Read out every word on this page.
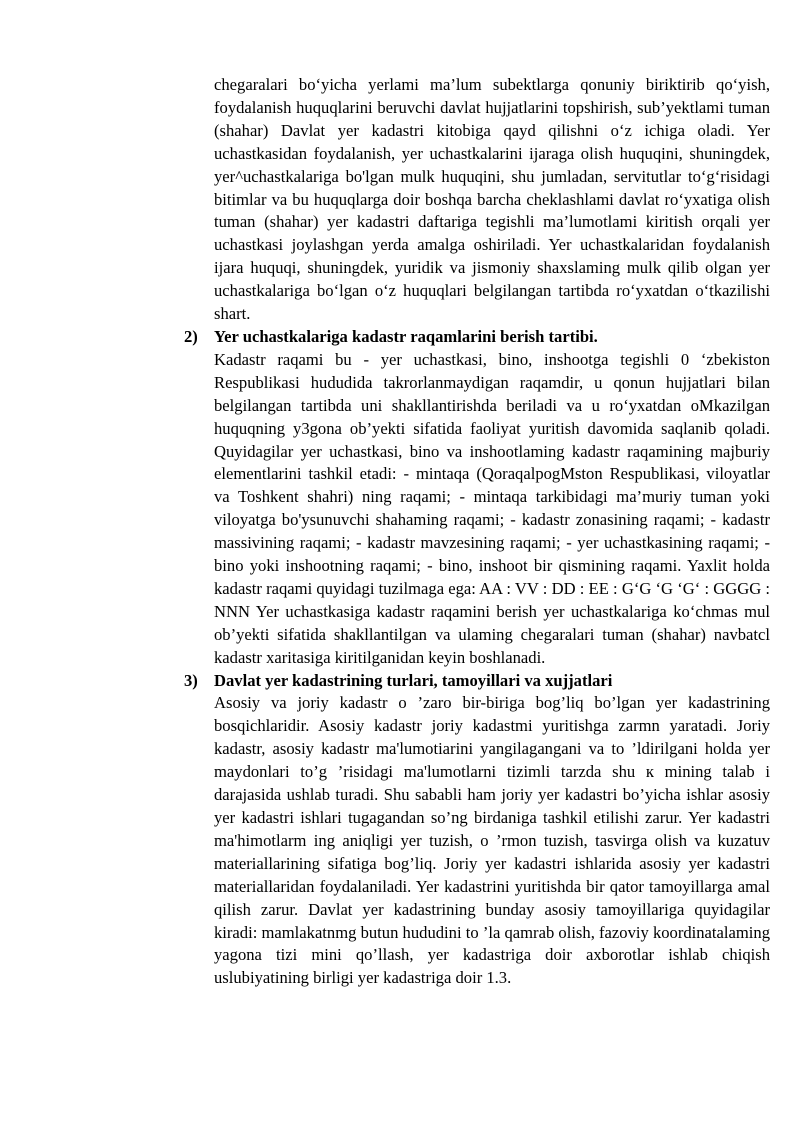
chegaralari bo‘yicha yerlami ma’lum subektlarga qonuniy biriktirib qo‘yish, foydalanish huquqlarini beruvchi davlat hujjatlarini topshirish, sub’yektlami tuman (shahar) Davlat yer kadastri kitobiga qayd qilishni o‘z ichiga oladi. Yer uchastkasidan foydalanish, yer uchastkalarini ijaraga olish huquqini, shuningdek, yer^uchastkalariga bo'lgan mulk huquqini, shu jumladan, servitutlar to‘g‘risidagi bitimlar va bu huquqlarga doir boshqa barcha cheklashlami davlat ro‘yxatiga olish tuman (shahar) yer kadastri daftariga tegishli ma’lumotlami kiritish orqali yer uchastkasi joylashgan yerda amalga oshiriladi. Yer uchastkalaridan foydalanish ijara huquqi, shuningdek, yuridik va jismoniy shaxslaming mulk qilib olgan yer uchastkalariga bo‘lgan o‘z huquqlari belgilangan tartibda ro‘yxatdan o‘tkazilishi shart.

2) Yer uchastkalariga kadastr raqamlarini berish tartibi.

Kadastr raqami bu - yer uchastkasi, bino, inshootga tegishli 0 ‘zbekiston Respublikasi hududida takrorlanmaydigan raqamdir, u qonun hujjatlari bilan belgilangan tartibda uni shakllantirishda beriladi va u ro‘yxatdan oMkazilgan huquqning y3gona ob’yekti sifatida faoliyat yuritish davomida saqlanib qoladi. Quyidagilar yer uchastkasi, bino va inshootlaming kadastr raqamining majburiy elementlarini tashkil etadi: - mintaqa (QoraqalpogMston Respublikasi, viloyatlar va Toshkent shahri) ning raqami; - mintaqa tarkibidagi ma’muriy tuman yoki viloyatga bo'ysunuvchi shahaming raqami; - kadastr zonasining raqami; - kadastr massivining raqami; - kadastr mavzesining raqami; - yer uchastkasining raqami; - bino yoki inshootning raqami; - bino, inshoot bir qismining raqami. Yaxlit holda kadastr raqami quyidagi tuzilmaga ega: AA : VV : DD : EE : G‘G ‘G ‘G‘ : GGGG : NNN Yer uchastkasiga kadastr raqamini berish yer uchastkalariga ko‘chmas mul ob’yekti sifatida shakllantilgan va ulaming chegaralari tuman (shahar) navbatcl kadastr xaritasiga kiritilganidan keyin boshlanadi.

3) Davlat yer kadastrining turlari, tamoyillari va xujjatlari

Asosiy va joriy kadastr o ’zaro bir-biriga bog’liq bo’lgan yer kadastrining bosqichlaridir. Asosiy kadastr joriy kadastmi yuritishga zarmn yaratadi. Joriy kadastr, asosiy kadastr ma'lumotiarini yangilagangani va to ’ldirilgani holda yer maydonlari to’g ’risidagi ma'lumotlarni tizimli tarzda shu к mining talab i darajasida ushlab turadi. Shu sababli ham joriy yer kadastri bo’yicha ishlar asosiy yer kadastri ishlari tugagandan so’ng birdaniga tashkil etilishi zarur. Yer kadastri ma'himotlarm ing aniqligi yer tuzish, o ’rmon tuzish, tasvirga olish va kuzatuv materiallarining sifatiga bog’liq. Joriy yer kadastri ishlarida asosiy yer kadastri materiallaridan foydalaniladi. Yer kadastrini yuritishda bir qator tamoyillarga amal qilish zarur. Davlat yer kadastrining bunday asosiy tamoyillariga quyidagilar kiradi: mamlakatnmg butun hududini to ’la qamrab olish, fazoviy koordinatalaming yagona tizi mini qo’llash, yer kadastriga doir axborotlar ishlab chiqish uslubiyatining birligi yer kadastriga doir 1.3.
